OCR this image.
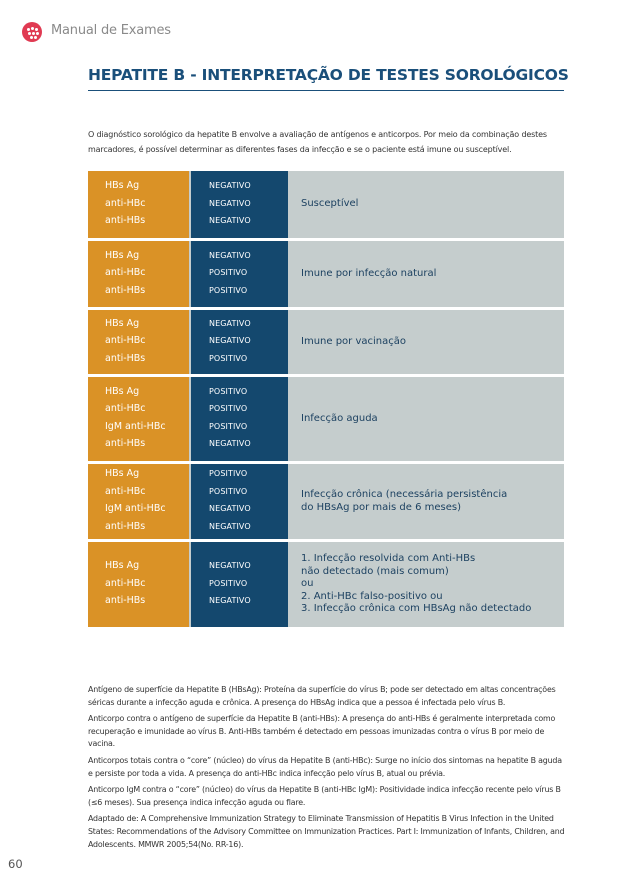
Manual de Exames
HEPATITE B - INTERPRETAÇÃO DE TESTES SOROLÓGICOS
O diagnóstico sorológico da hepatite B envolve a avaliação de antígenos e anticorpos. Por meio da combinação destes marcadores, é possível determinar as diferentes fases da infecção e se o paciente está imune ou susceptível.
HBs Ag
anti-HBc
anti-HBs
NEGATIVO
NEGATIVO
NEGATIVO
Susceptível
HBs Ag
anti-HBc
anti-HBs
NEGATIVO
POSITIVO
POSITIVO
Imune por infecção natural
HBs Ag
anti-HBc
anti-HBs
NEGATIVO
NEGATIVO
POSITIVO
Imune por vacinação
HBs Ag
anti-HBc
IgM anti-HBc
anti-HBs
POSITIVO
POSITIVO
POSITIVO
NEGATIVO
Infecção aguda
HBs Ag
anti-HBc
IgM anti-HBc
anti-HBs
POSITIVO
POSITIVO
NEGATIVO
NEGATIVO
Infecção crônica (necessária persistência
do HBsAg por mais de 6 meses)
HBs Ag
anti-HBc
anti-HBs
NEGATIVO
POSITIVO
NEGATIVO
1. Infecção resolvida com Anti-HBs
não detectado (mais comum)
ou
2. Anti-HBc falso-positivo ou
3. Infecção crônica com HBsAg não detectado

Antígeno de superfície da Hepatite B (HBsAg): Proteína da superfície do vírus B; pode ser detectado em altas concentrações séricas durante a infecção aguda e crônica. A presença do HBsAg indica que a pessoa é infectada pelo vírus B.

Anticorpo contra o antígeno de superfície da Hepatite B (anti-HBs): A presença do anti-HBs é geralmente interpretada como recuperação e imunidade ao vírus B. Anti-HBs também é detectado em pessoas imunizadas contra o vírus B por meio de vacina.

Anticorpos totais contra o “core” (núcleo) do vírus da Hepatite B (anti-HBc): Surge no início dos sintomas na hepatite B aguda e persiste por toda a vida. A presença do anti-HBc indica infecção pelo vírus B, atual ou prévia.

Anticorpo IgM contra o “core” (núcleo) do vírus da Hepatite B (anti-HBc IgM): Positividade indica infecção recente pelo vírus B (≤6 meses). Sua presença indica infecção aguda ou flare.

Adaptado de: A Comprehensive Immunization Strategy to Eliminate Transmission of Hepatitis B Virus Infection in the United States: Recommendations of the Advisory Committee on Immunization Practices. Part I: Immunization of Infants, Children, and Adolescents. MMWR 2005;54(No. RR-16).

60
